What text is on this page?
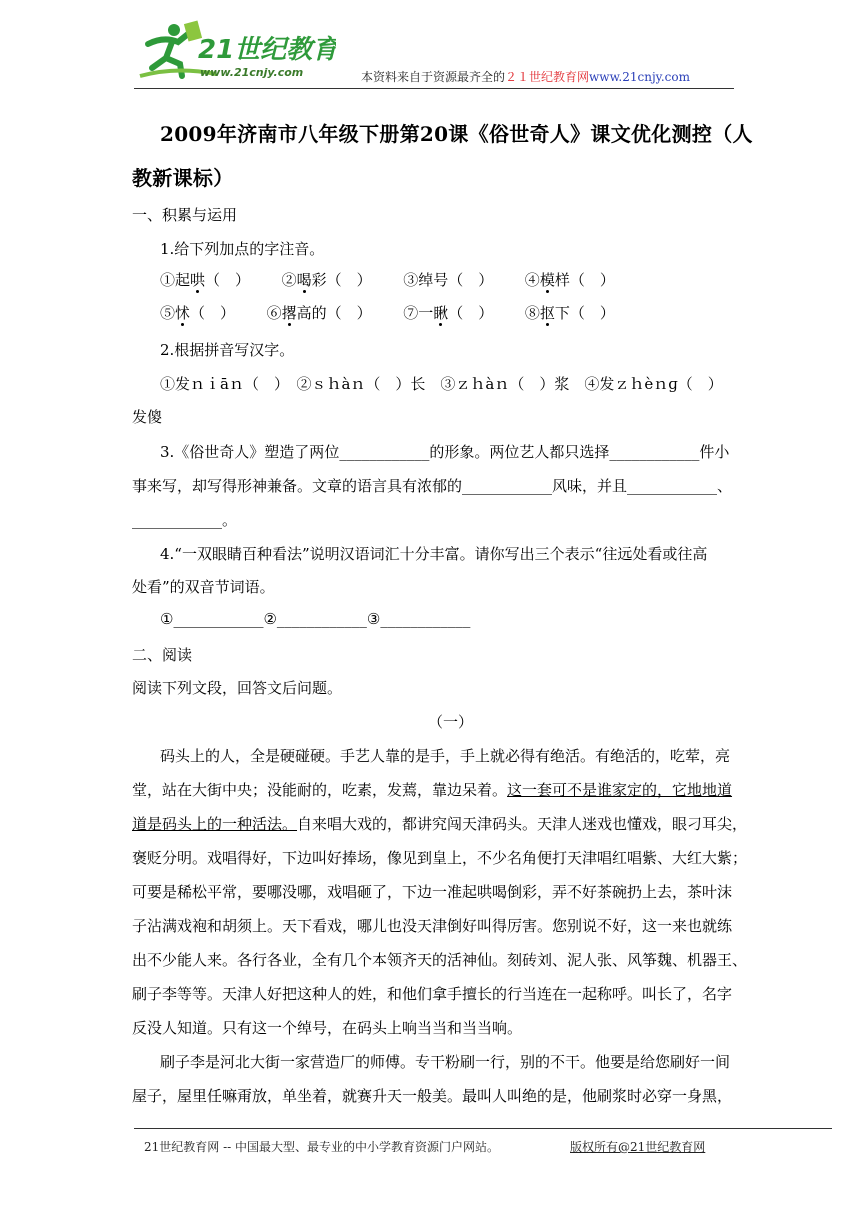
21世纪教育
www.21cnjy.com	本资料来自于资源最齐全的２１世纪教育网www.21cnjy.com
2009年济南市八年级下册第20课《俗世奇人》课文优化测控（人
教新课标）
一、积累与运用
1.给下列加点的字注音。
①起哄（　） ②喝彩（　） ③绰号（　） ④模样（　）
⑤怵（　） ⑥撂高的（　） ⑦一瞅（　） ⑧抠下（　）
2.根据拼音写汉字。
①发ｎｉāｎ（　）　②ｓｈàｎ（　）长　③ｚｈàｎ（　）浆　④发ｚｈèｎɡ（　）
发傻
3.《俗世奇人》塑造了两位____________的形象。两位艺人都只选择____________件小
事来写，却写得形神兼备。文章的语言具有浓郁的____________风味，并且____________、
____________。
4.“一双眼睛百种看法”说明汉语词汇十分丰富。请你写出三个表示“往远处看或往高
处看”的双音节词语。
①____________②____________③____________
二、阅读
阅读下列文段，回答文后问题。
（一）
码头上的人，全是硬碰硬。手艺人靠的是手，手上就必得有绝活。有绝活的，吃荤，亮
堂，站在大街中央；没能耐的，吃素，发蔫，靠边呆着。这一套可不是谁家定的，它地地道
道是码头上的一种活法。自来唱大戏的，都讲究闯天津码头。天津人迷戏也懂戏，眼刁耳尖，
褒贬分明。戏唱得好，下边叫好捧场，像见到皇上，不少名角便打天津唱红唱紫、大红大紫；
可要是稀松平常，要哪没哪，戏唱砸了，下边一准起哄喝倒彩，弄不好茶碗扔上去，茶叶沫
子沾满戏袍和胡须上。天下看戏，哪儿也没天津倒好叫得厉害。您别说不好，这一来也就练
出不少能人来。各行各业，全有几个本领齐天的活神仙。刻砖刘、泥人张、风筝魏、机器王、
刷子李等等。天津人好把这种人的姓，和他们拿手擅长的行当连在一起称呼。叫长了，名字
反没人知道。只有这一个绰号，在码头上响当当和当当响。
刷子李是河北大街一家营造厂的师傅。专干粉刷一行，别的不干。他要是给您刷好一间
屋子，屋里任嘛甭放，单坐着，就赛升天一般美。最叫人叫绝的是，他刷浆时必穿一身黑，
21世纪教育网 -- 中国最大型、最专业的中小学教育资源门户网站。	版权所有@21世纪教育网
